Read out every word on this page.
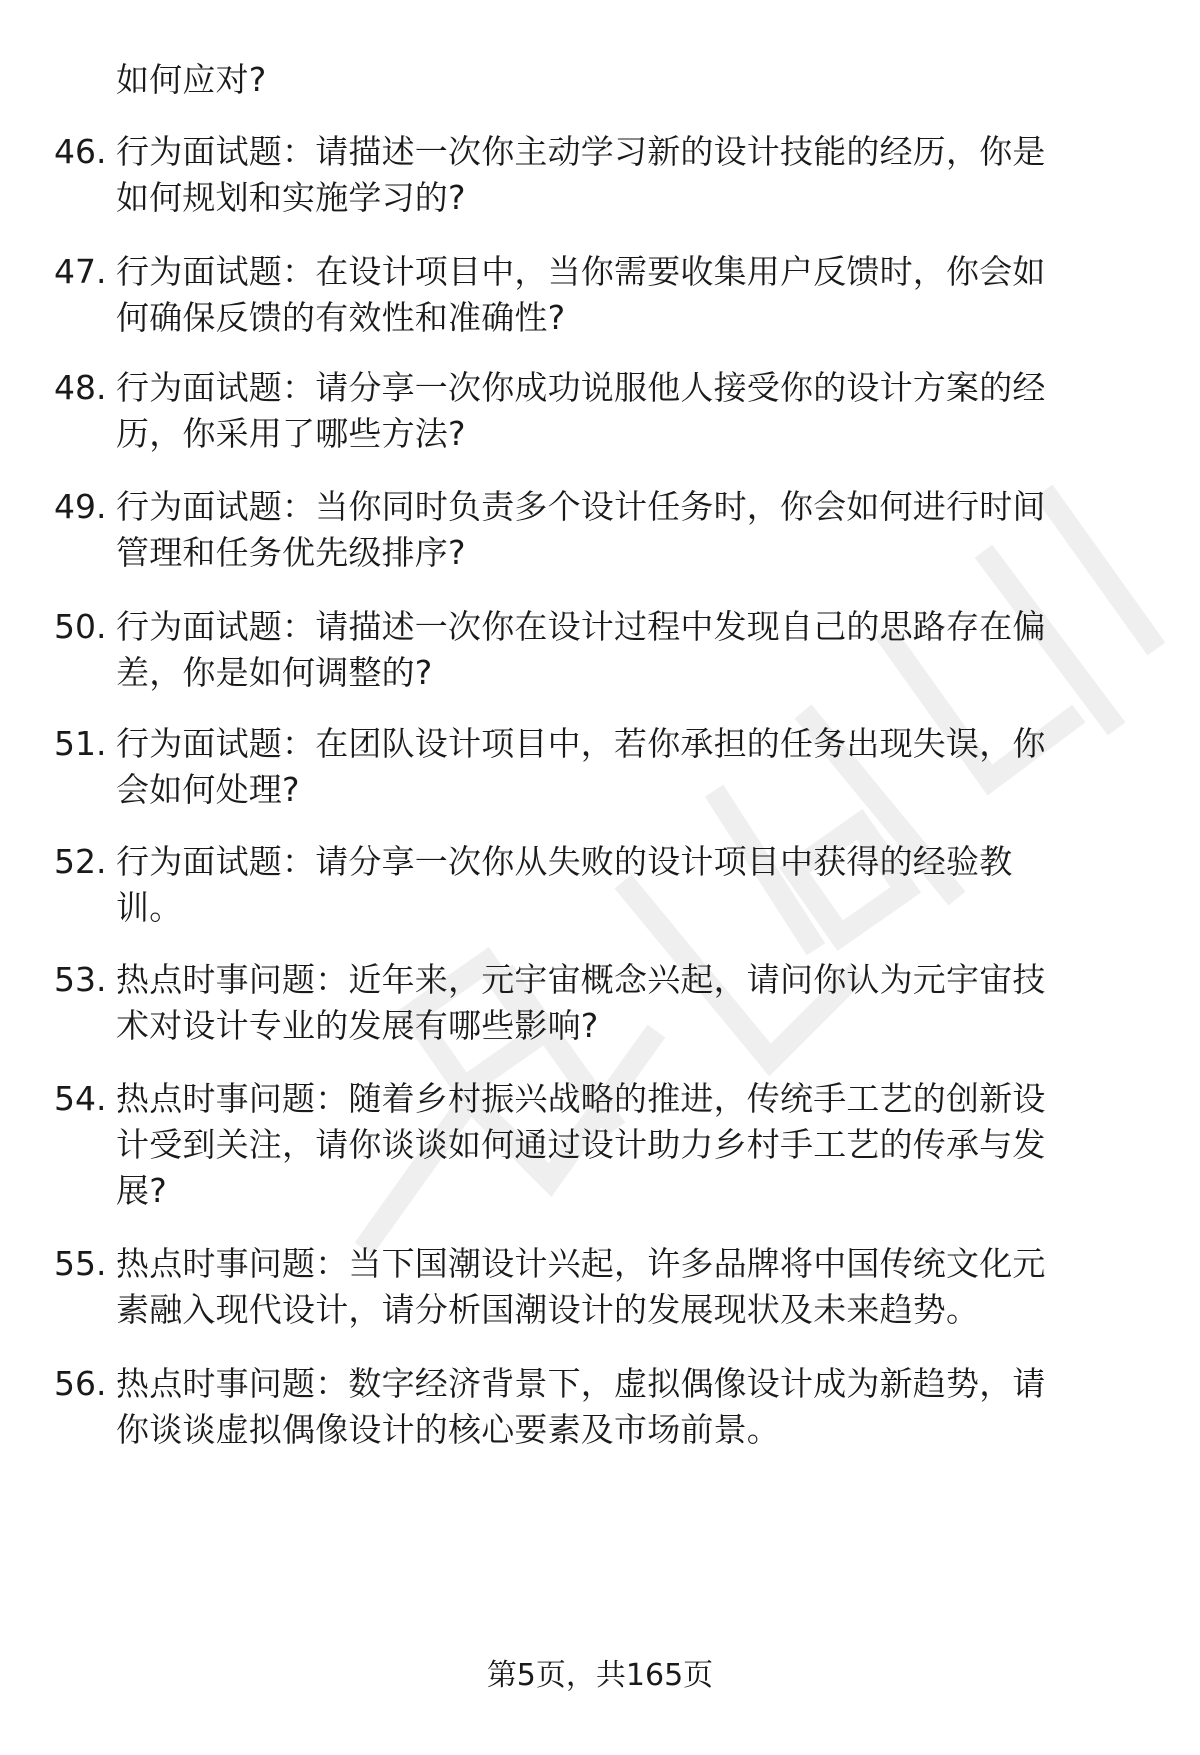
如何应对?
46. 行为面试题：请描述一次你主动学习新的设计技能的经历，你是
如何规划和实施学习的?
47. 行为面试题：在设计项目中，当你需要收集用户反馈时，你会如
何确保反馈的有效性和准确性?
48. 行为面试题：请分享一次你成功说服他人接受你的设计方案的经
历，你采用了哪些方法?
49. 行为面试题：当你同时负责多个设计任务时，你会如何进行时间
管理和任务优先级排序?
50. 行为面试题：请描述一次你在设计过程中发现自己的思路存在偏
差，你是如何调整的?
51. 行为面试题：在团队设计项目中，若你承担的任务出现失误，你
会如何处理?
52. 行为面试题：请分享一次你从失败的设计项目中获得的经验教
训。
53. 热点时事问题：近年来，元宇宙概念兴起，请问你认为元宇宙技
术对设计专业的发展有哪些影响?
54. 热点时事问题：随着乡村振兴战略的推进，传统手工艺的创新设
计受到关注，请你谈谈如何通过设计助力乡村手工艺的传承与发
展?
55. 热点时事问题：当下国潮设计兴起，许多品牌将中国传统文化元
素融入现代设计，请分析国潮设计的发展现状及未来趋势。
56. 热点时事问题：数字经济背景下，虚拟偶像设计成为新趋势，请
你谈谈虚拟偶像设计的核心要素及市场前景。
第5页，共165页
